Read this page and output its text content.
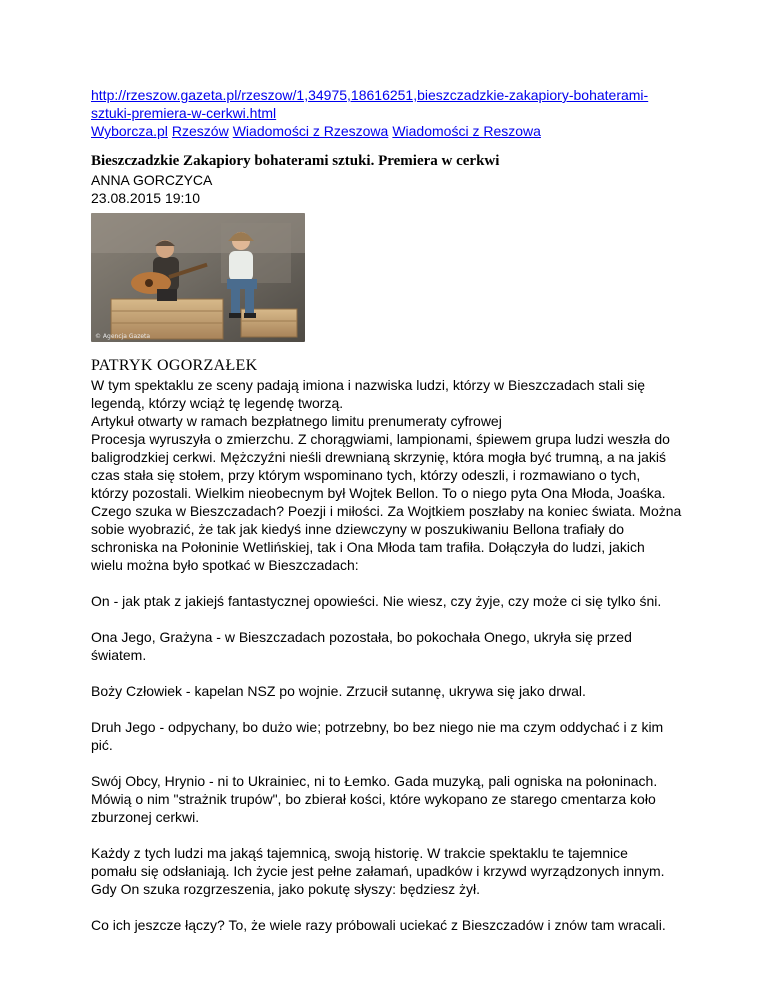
http://rzeszow.gazeta.pl/rzeszow/1,34975,18616251,bieszczadzkie-zakapiory-bohaterami-
sztuki-premiera-w-cerkwi.html

Wyborcza.pl Rzeszów Wiadomości z Rzeszowa Wiadomości z Reszowa

Bieszczadzkie Zakapiory bohaterami sztuki. Premiera w cerkwi

ANNA GORCZYCA

23.08.2015 19:10

© Agencja Gazeta

PATRYK OGORZAŁEK

W tym spektaklu ze sceny padają imiona i nazwiska ludzi, którzy w Bieszczadach stali się

legendą, którzy wciąż tę legendę tworzą.

Artykuł otwarty w ramach bezpłatnego limitu prenumeraty cyfrowej

Procesja wyruszyła o zmierzchu. Z chorągwiami, lampionami, śpiewem grupa ludzi weszła do

baligrodzkiej cerkwi. Mężczyźni nieśli drewnianą skrzynię, która mogła być trumną, a na jakiś

czas stała się stołem, przy którym wspominano tych, którzy odeszli, i rozmawiano o tych,

którzy pozostali. Wielkim nieobecnym był Wojtek Bellon. To o niego pyta Ona Młoda, Joaśka.

Czego szuka w Bieszczadach? Poezji i miłości. Za Wojtkiem poszłaby na koniec świata. Można

sobie wyobrazić, że tak jak kiedyś inne dziewczyny w poszukiwaniu Bellona trafiały do

schroniska na Połoninie Wetlińskiej, tak i Ona Młoda tam trafiła. Dołączyła do ludzi, jakich

wielu można było spotkać w Bieszczadach:

On - jak ptak z jakiejś fantastycznej opowieści. Nie wiesz, czy żyje, czy może ci się tylko śni.

Ona Jego, Grażyna - w Bieszczadach pozostała, bo pokochała Onego, ukryła się przed

światem.

Boży Człowiek - kapelan NSZ po wojnie. Zrzucił sutannę, ukrywa się jako drwal.

Druh Jego - odpychany, bo dużo wie; potrzebny, bo bez niego nie ma czym oddychać i z kim

pić.

Swój Obcy, Hrynio - ni to Ukrainiec, ni to Łemko. Gada muzyką, pali ogniska na połoninach.

Mówią o nim "strażnik trupów", bo zbierał kości, które wykopano ze starego cmentarza koło

zburzonej cerkwi.

Każdy z tych ludzi ma jakąś tajemnicą, swoją historię. W trakcie spektaklu te tajemnice

pomału się odsłaniają. Ich życie jest pełne załamań, upadków i krzywd wyrządzonych innym.

Gdy On szuka rozgrzeszenia, jako pokutę słyszy: będziesz żył.

Co ich jeszcze łączy? To, że wiele razy próbowali uciekać z Bieszczadów i znów tam wracali.
